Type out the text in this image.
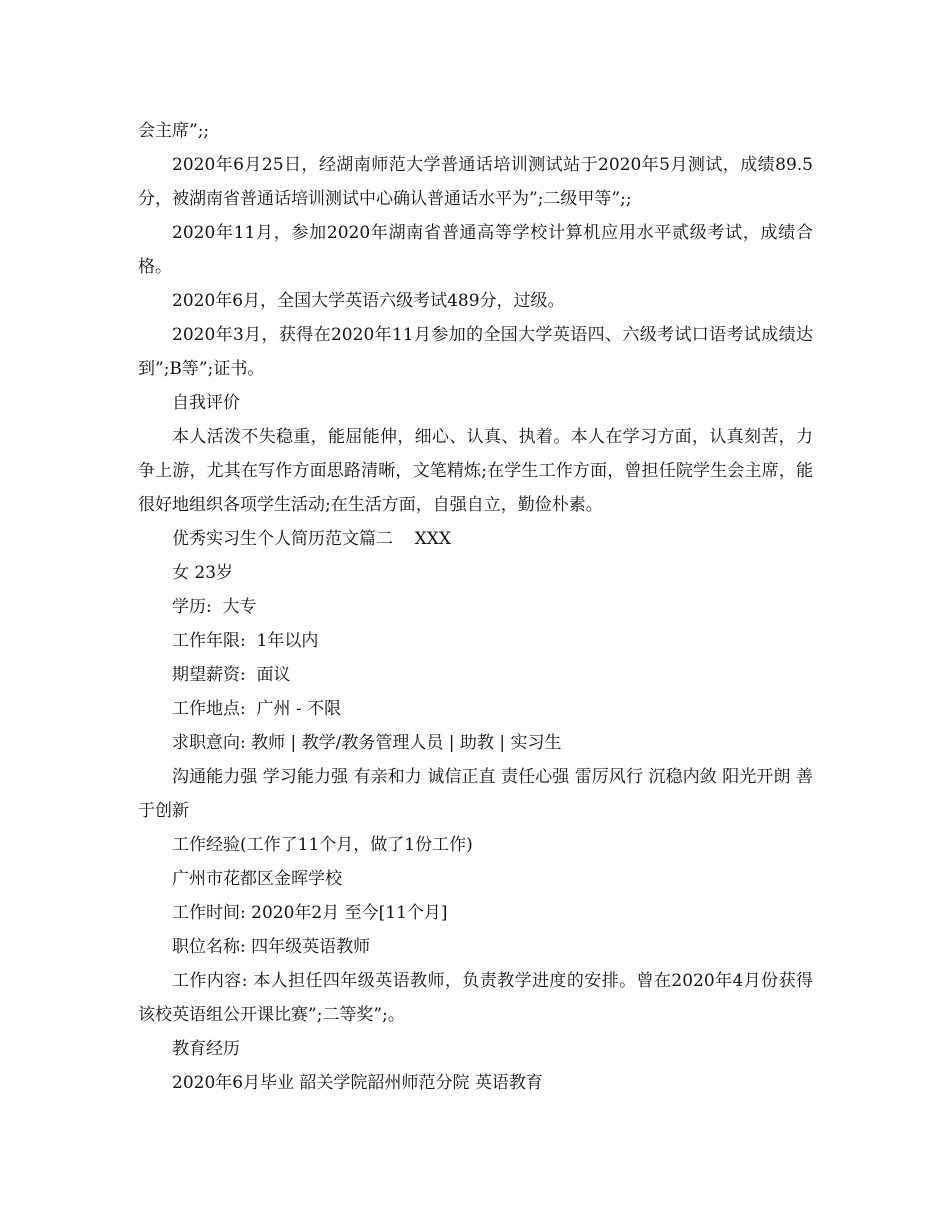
会主席”;;

2020年6月25日，经湖南师范大学普通话培训测试站于2020年5月测试，成绩89.5分，被湖南省普通话培训测试中心确认普通话水平为”;二级甲等”;;

2020年11月，参加2020年湖南省普通高等学校计算机应用水平贰级考试，成绩合格。

2020年6月，全国大学英语六级考试489分，过级。

2020年3月，获得在2020年11月参加的全国大学英语四、六级考试口语考试成绩达到”;B等”;证书。

自我评价

本人活泼不失稳重，能屈能伸，细心、认真、执着。本人在学习方面，认真刻苦，力争上游，尤其在写作方面思路清晰，文笔精炼;在学生工作方面，曾担任院学生会主席，能很好地组织各项学生活动;在生活方面，自强自立，勤俭朴素。

优秀实习生个人简历范文篇二    XXX

女 23岁

学历:  大专

工作年限:  1年以内

期望薪资:  面议

工作地点:  广州 - 不限

求职意向: 教师 | 教学/教务管理人员 | 助教 | 实习生

沟通能力强 学习能力强 有亲和力 诚信正直 责任心强 雷厉风行 沉稳内敛 阳光开朗 善于创新

工作经验(工作了11个月，做了1份工作)

广州市花都区金晖学校

工作时间: 2020年2月 至今[11个月]

职位名称: 四年级英语教师

工作内容: 本人担任四年级英语教师，负责教学进度的安排。曾在2020年4月份获得该校英语组公开课比赛”;二等奖”;。

教育经历

2020年6月毕业 韶关学院韶州师范分院 英语教育
